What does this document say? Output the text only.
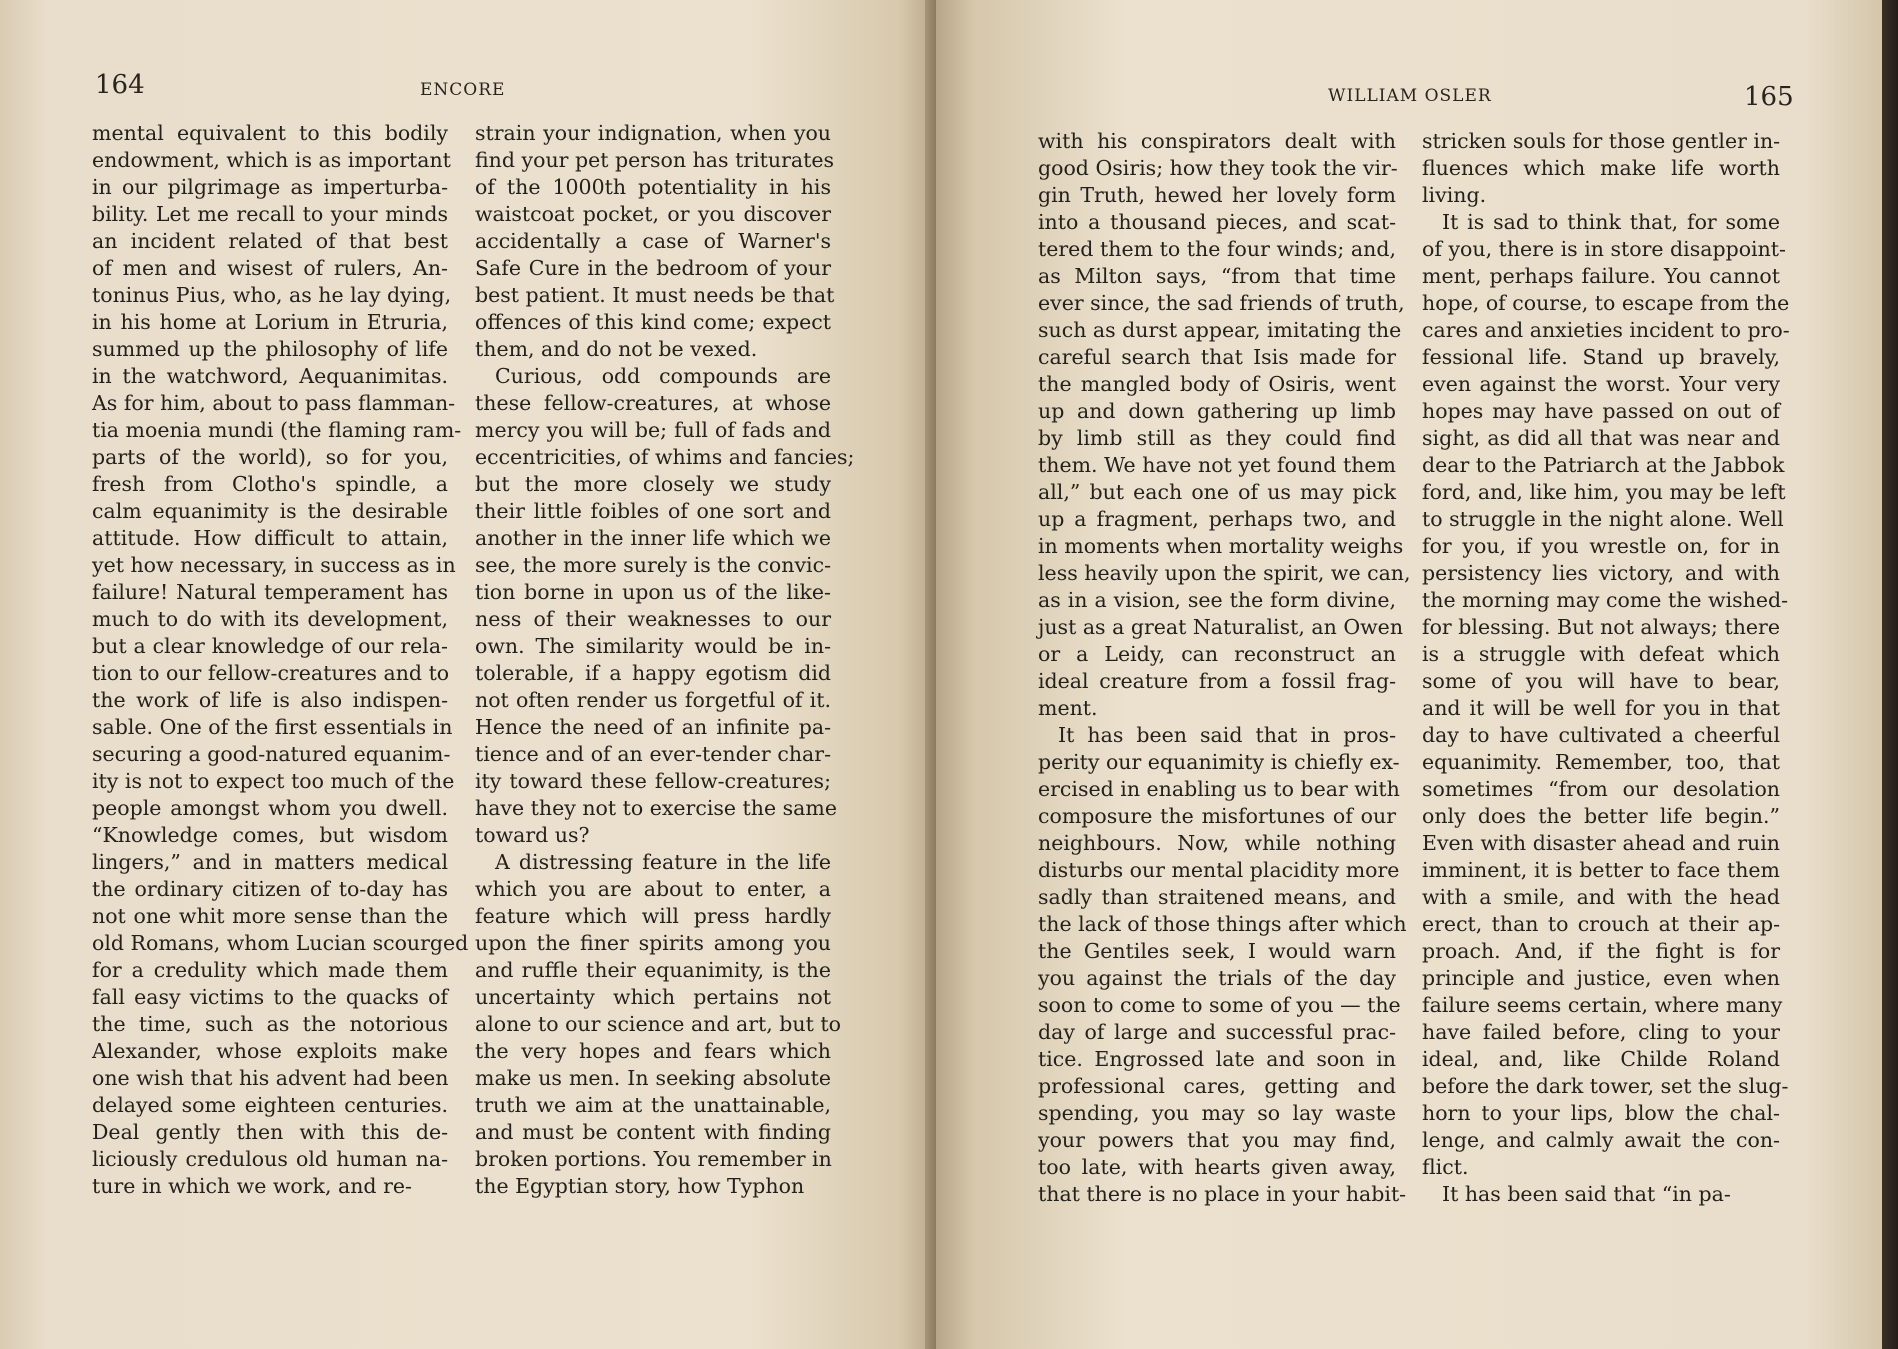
164	ENCORE
mental equivalent to this bodily
endowment, which is as important
in our pilgrimage as imperturba-
bility. Let me recall to your minds
an incident related of that best
of men and wisest of rulers, An-
toninus Pius, who, as he lay dying,
in his home at Lorium in Etruria,
summed up the philosophy of life
in the watchword, Aequanimitas.
As for him, about to pass flamman-
tia moenia mundi (the flaming ram-
parts of the world), so for you,
fresh from Clotho's spindle, a
calm equanimity is the desirable
attitude. How difficult to attain,
yet how necessary, in success as in
failure! Natural temperament has
much to do with its development,
but a clear knowledge of our rela-
tion to our fellow-creatures and to
the work of life is also indispen-
sable. One of the first essentials in
securing a good-natured equanim-
ity is not to expect too much of the
people amongst whom you dwell.
“Knowledge comes, but wisdom
lingers,” and in matters medical
the ordinary citizen of to-day has
not one whit more sense than the
old Romans, whom Lucian scourged
for a credulity which made them
fall easy victims to the quacks of
the time, such as the notorious
Alexander, whose exploits make
one wish that his advent had been
delayed some eighteen centuries.
Deal gently then with this de-
liciously credulous old human na-
ture in which we work, and re-
strain your indignation, when you
find your pet person has triturates
of the 1000th potentiality in his
waistcoat pocket, or you discover
accidentally a case of Warner's
Safe Cure in the bedroom of your
best patient. It must needs be that
offences of this kind come; expect
them, and do not be vexed.
Curious, odd compounds are
these fellow-creatures, at whose
mercy you will be; full of fads and
eccentricities, of whims and fancies;
but the more closely we study
their little foibles of one sort and
another in the inner life which we
see, the more surely is the convic-
tion borne in upon us of the like-
ness of their weaknesses to our
own. The similarity would be in-
tolerable, if a happy egotism did
not often render us forgetful of it.
Hence the need of an infinite pa-
tience and of an ever-tender char-
ity toward these fellow-creatures;
have they not to exercise the same
toward us?
A distressing feature in the life
which you are about to enter, a
feature which will press hardly
upon the finer spirits among you
and ruffle their equanimity, is the
uncertainty which pertains not
alone to our science and art, but to
the very hopes and fears which
make us men. In seeking absolute
truth we aim at the unattainable,
and must be content with finding
broken portions. You remember in
the Egyptian story, how Typhon
WILLIAM OSLER	165
with his conspirators dealt with
good Osiris; how they took the vir-
gin Truth, hewed her lovely form
into a thousand pieces, and scat-
tered them to the four winds; and,
as Milton says, “from that time
ever since, the sad friends of truth,
such as durst appear, imitating the
careful search that Isis made for
the mangled body of Osiris, went
up and down gathering up limb
by limb still as they could find
them. We have not yet found them
all,” but each one of us may pick
up a fragment, perhaps two, and
in moments when mortality weighs
less heavily upon the spirit, we can,
as in a vision, see the form divine,
just as a great Naturalist, an Owen
or a Leidy, can reconstruct an
ideal creature from a fossil frag-
ment.
It has been said that in pros-
perity our equanimity is chiefly ex-
ercised in enabling us to bear with
composure the misfortunes of our
neighbours. Now, while nothing
disturbs our mental placidity more
sadly than straitened means, and
the lack of those things after which
the Gentiles seek, I would warn
you against the trials of the day
soon to come to some of you — the
day of large and successful prac-
tice. Engrossed late and soon in
professional cares, getting and
spending, you may so lay waste
your powers that you may find,
too late, with hearts given away,
that there is no place in your habit-
stricken souls for those gentler in-
fluences which make life worth
living.
It is sad to think that, for some
of you, there is in store disappoint-
ment, perhaps failure. You cannot
hope, of course, to escape from the
cares and anxieties incident to pro-
fessional life. Stand up bravely,
even against the worst. Your very
hopes may have passed on out of
sight, as did all that was near and
dear to the Patriarch at the Jabbok
ford, and, like him, you may be left
to struggle in the night alone. Well
for you, if you wrestle on, for in
persistency lies victory, and with
the morning may come the wished-
for blessing. But not always; there
is a struggle with defeat which
some of you will have to bear,
and it will be well for you in that
day to have cultivated a cheerful
equanimity. Remember, too, that
sometimes “from our desolation
only does the better life begin.”
Even with disaster ahead and ruin
imminent, it is better to face them
with a smile, and with the head
erect, than to crouch at their ap-
proach. And, if the fight is for
principle and justice, even when
failure seems certain, where many
have failed before, cling to your
ideal, and, like Childe Roland
before the dark tower, set the slug-
horn to your lips, blow the chal-
lenge, and calmly await the con-
flict.
It has been said that “in pa-
